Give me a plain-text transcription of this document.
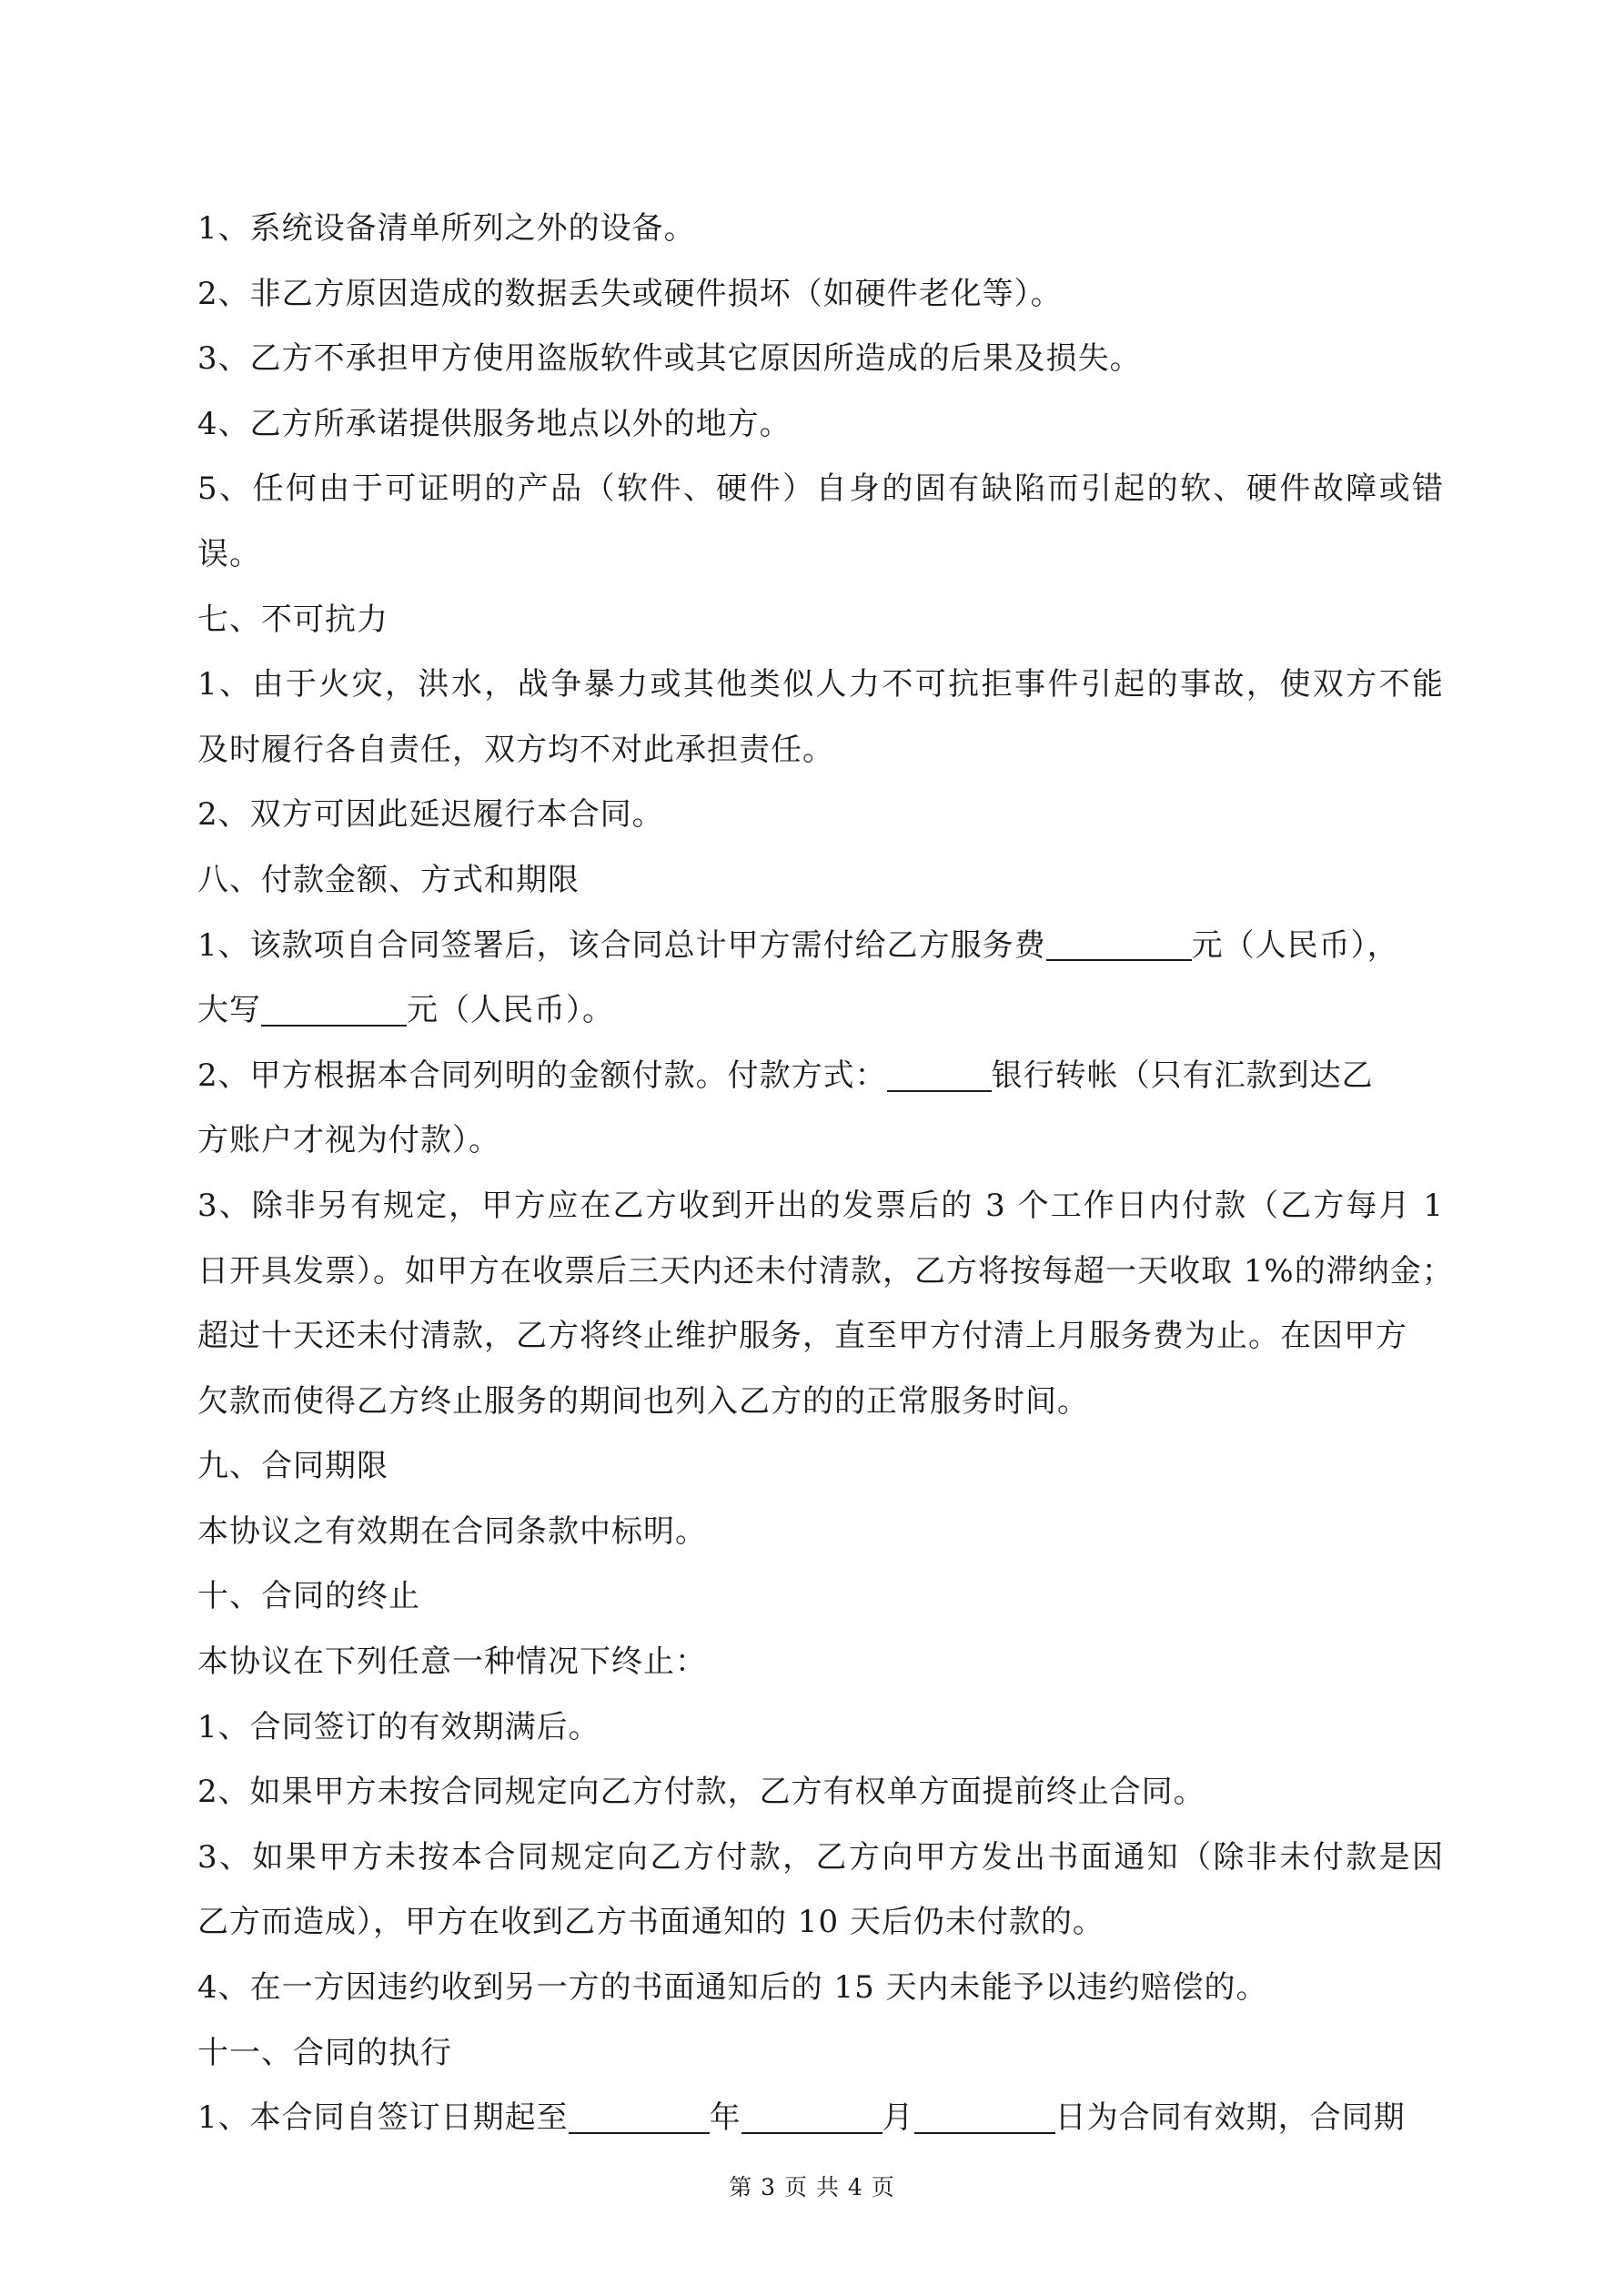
1、系统设备清单所列之外的设备。
2、非乙方原因造成的数据丢失或硬件损坏（如硬件老化等）。
3、乙方不承担甲方使用盗版软件或其它原因所造成的后果及损失。
4、乙方所承诺提供服务地点以外的地方。
5、任何由于可证明的产品（软件、硬件）自身的固有缺陷而引起的软、硬件故障或错
误。
七、不可抗力
1、由于火灾，洪水，战争暴力或其他类似人力不可抗拒事件引起的事故，使双方不能
及时履行各自责任，双方均不对此承担责任。
2、双方可因此延迟履行本合同。
八、付款金额、方式和期限
1、该款项自合同签署后，该合同总计甲方需付给乙方服务费	元（人民币），
大写	元（人民币）。
2、甲方根据本合同列明的金额付款。付款方式：	银行转帐（只有汇款到达乙
方账户才视为付款）。
3、除非另有规定，甲方应在乙方收到开出的发票后的 3 个工作日内付款（乙方每月 1
日开具发票）。如甲方在收票后三天内还未付清款，乙方将按每超一天收取 1%的滞纳金；
超过十天还未付清款，乙方将终止维护服务，直至甲方付清上月服务费为止。在因甲方
欠款而使得乙方终止服务的期间也列入乙方的的正常服务时间。
九、合同期限
本协议之有效期在合同条款中标明。
十、合同的终止
本协议在下列任意一种情况下终止：
1、合同签订的有效期满后。
2、如果甲方未按合同规定向乙方付款，乙方有权单方面提前终止合同。
3、如果甲方未按本合同规定向乙方付款，乙方向甲方发出书面通知（除非未付款是因
乙方而造成），甲方在收到乙方书面通知的 10 天后仍未付款的。
4、在一方因违约收到另一方的书面通知后的 15 天内未能予以违约赔偿的。
十一、合同的执行
1、本合同自签订日期起至	年	月	日为合同有效期，合同期
第 3 页 共 4 页
